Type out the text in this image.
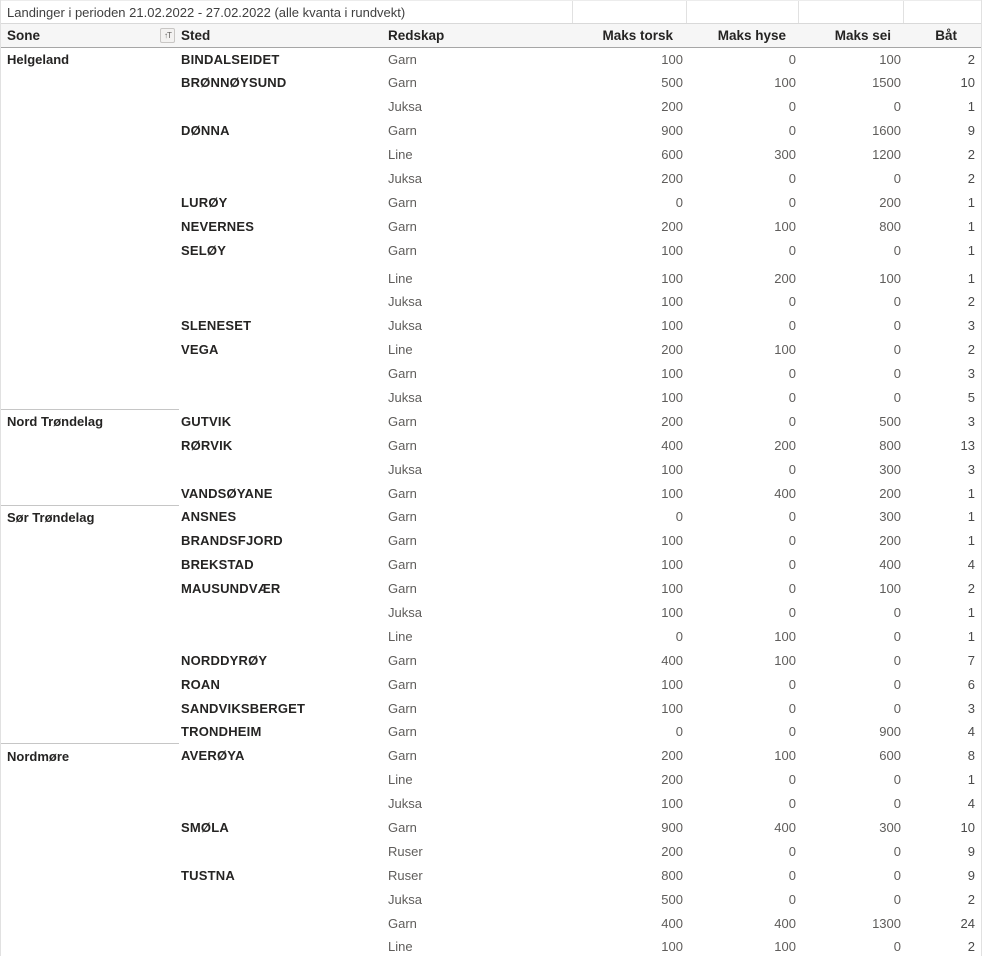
Landinger i perioden 21.02.2022 - 27.02.2022 (alle kvanta i rundvekt)
Sone ↑T	Sted	Redskap	Maks torsk	Maks hyse	Maks sei	Båt
Helgeland	BINDALSEIDET	Garn	100	0	100	2
	BRØNNØYSUND	Garn	500	100	1500	10
		Juksa	200	0	0	1
	DØNNA	Garn	900	0	1600	9
		Line	600	300	1200	2
		Juksa	200	0	0	2
	LURØY	Garn	0	0	200	1
	NEVERNES	Garn	200	100	800	1
	SELØY	Garn	100	0	0	1
		Line	100	200	100	1
		Juksa	100	0	0	2
	SLENESET	Juksa	100	0	0	3
	VEGA	Line	200	100	0	2
		Garn	100	0	0	3
		Juksa	100	0	0	5
Nord Trøndelag	GUTVIK	Garn	200	0	500	3
	RØRVIK	Garn	400	200	800	13
		Juksa	100	0	300	3
	VANDSØYANE	Garn	100	400	200	1
Sør Trøndelag	ANSNES	Garn	0	0	300	1
	BRANDSFJORD	Garn	100	0	200	1
	BREKSTAD	Garn	100	0	400	4
	MAUSUNDVÆR	Garn	100	0	100	2
		Juksa	100	0	0	1
		Line	0	100	0	1
	NORDDYRØY	Garn	400	100	0	7
	ROAN	Garn	100	0	0	6
	SANDVIKSBERGET	Garn	100	0	0	3
	TRONDHEIM	Garn	0	0	900	4
Nordmøre	AVERØYA	Garn	200	100	600	8
		Line	200	0	0	1
		Juksa	100	0	0	4
	SMØLA	Garn	900	400	300	10
		Ruser	200	0	0	9
	TUSTNA	Ruser	800	0	0	9
		Juksa	500	0	0	2
		Garn	400	400	1300	24
		Line	100	100	0	2
